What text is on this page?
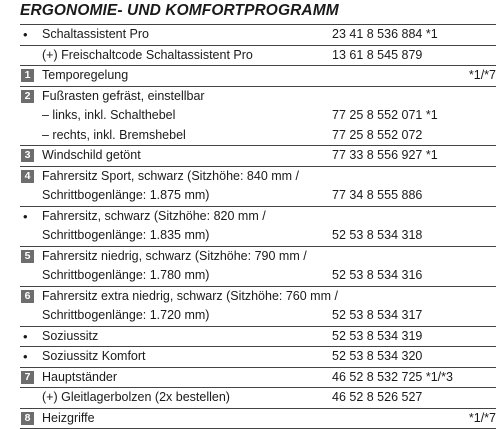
ERGONOMIE- UND KOMFORTPROGRAMM
•
Schaltassistent Pro	23 41 8 536 884 *1
(+) Freischaltcode Schaltassistent Pro	13 61 8 545 879
1 Temporegelung	*1/*7
2 Fußrasten gefräst, einstellbar
– links, inkl. Schalthebel	77 25 8 552 071 *1
– rechts, inkl. Bremshebel	77 25 8 552 072
3 Windschild getönt	77 33 8 556 927 *1
4 Fahrersitz Sport, schwarz (Sitzhöhe: 840 mm /
Schrittbogenlänge: 1.875 mm)	77 34 8 555 886
•
Fahrersitz, schwarz (Sitzhöhe: 820 mm /
Schrittbogenlänge: 1.835 mm)	52 53 8 534 318
5 Fahrersitz niedrig, schwarz (Sitzhöhe: 790 mm /
Schrittbogenlänge: 1.780 mm)	52 53 8 534 316
6 Fahrersitz extra niedrig, schwarz (Sitzhöhe: 760 mm /
Schrittbogenlänge: 1.720 mm)	52 53 8 534 317
•
Soziussitz	52 53 8 534 319
•
Soziussitz Komfort	52 53 8 534 320
7 Hauptständer	46 52 8 532 725 *1/*3
(+) Gleitlagerbolzen (2x bestellen)	46 52 8 526 527
8 Heizgriffe	*1/*7
